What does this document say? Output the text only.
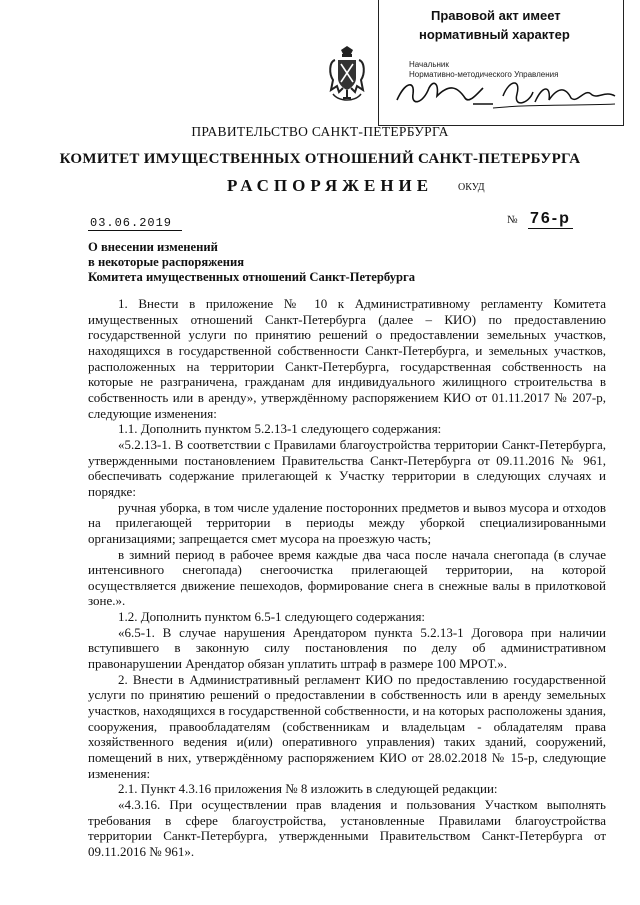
Правовой акт имеет
нормативный характер
Начальник
Нормативно-методического Управления
ПРАВИТЕЛЬСТВО САНКТ-ПЕТЕРБУРГА
КОМИТЕТ ИМУЩЕСТВЕННЫХ ОТНОШЕНИЙ САНКТ-ПЕТЕРБУРГА
РАСПОРЯЖЕНИЕ ОКУД
03.06.2019	№ 76-р
О внесении изменений
в некоторые распоряжения
Комитета имущественных отношений Санкт-Петербурга

1. Внести в приложение № 10 к Административному регламенту Комитета имущественных отношений Санкт-Петербурга (далее – КИО) по предоставлению государственной услуги по принятию решений о предоставлении земельных участков, находящихся в государственной собственности Санкт-Петербурга, и земельных участков, расположенных на территории Санкт-Петербурга, государственная собственность на которые не разграничена, гражданам для индивидуального жилищного строительства в собственность или в аренду», утверждённому распоряжением КИО от 01.11.2017 № 207-р, следующие изменения:

1.1. Дополнить пунктом 5.2.13-1 следующего содержания:

«5.2.13-1. В соответствии с Правилами благоустройства территории Санкт-Петербурга, утвержденными постановлением Правительства Санкт-Петербурга от 09.11.2016 № 961, обеспечивать содержание прилегающей к Участку территории в следующих случаях и порядке:

ручная уборка, в том числе удаление посторонних предметов и вывоз мусора и отходов на прилегающей территории в периоды между уборкой специализированными организациями; запрещается смет мусора на проезжую часть;

в зимний период в рабочее время каждые два часа после начала снегопада (в случае интенсивного снегопада) снегоочистка прилегающей территории, на которой осуществляется движение пешеходов, формирование снега в снежные валы в прилотковой зоне.».

1.2. Дополнить пунктом 6.5-1 следующего содержания:

«6.5-1. В случае нарушения Арендатором пункта 5.2.13-1 Договора при наличии вступившего в законную силу постановления по делу об административном правонарушении Арендатор обязан уплатить штраф в размере 100 МРОТ.».

2. Внести в Административный регламент КИО по предоставлению государственной услуги по принятию решений о предоставлении в собственность или в аренду земельных участков, находящихся в государственной собственности, и на которых расположены здания, сооружения, правообладателям (собственникам и владельцам - обладателям права хозяйственного ведения и(или) оперативного управления) таких зданий, сооружений, помещений в них, утверждённому распоряжением КИО от 28.02.2018 № 15-р, следующие изменения:

2.1. Пункт 4.3.16 приложения № 8 изложить в следующей редакции:

«4.3.16. При осуществлении прав владения и пользования Участком выполнять требования в сфере благоустройства, установленные Правилами благоустройства территории Санкт-Петербурга, утвержденными Правительством Санкт-Петербурга от 09.11.2016 № 961».
